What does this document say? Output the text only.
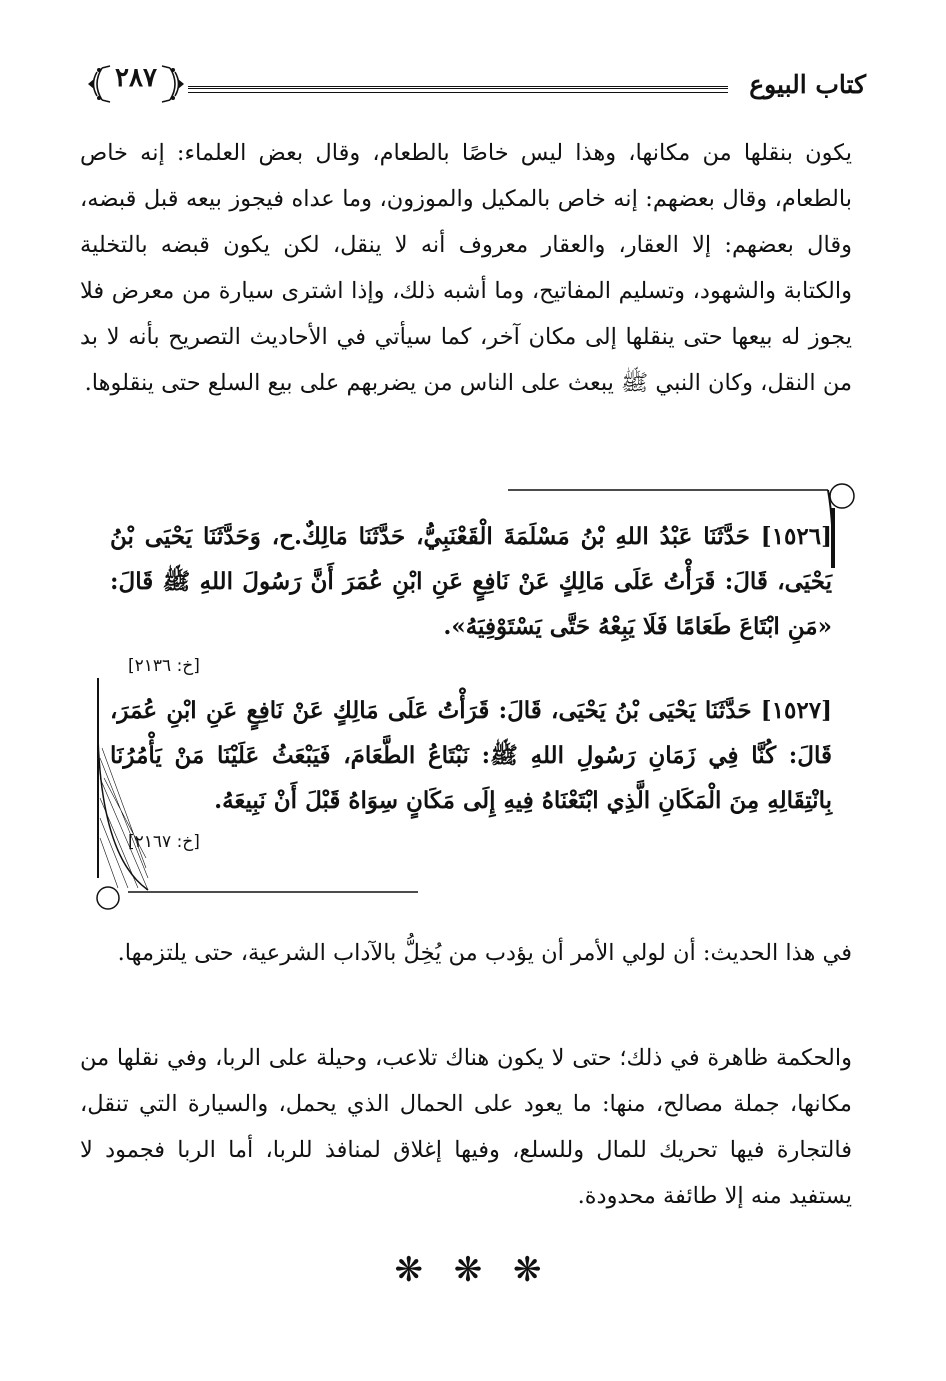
كتاب البيوع
٢٨٧
يكون بنقلها من مكانها، وهذا ليس خاصًا بالطعام، وقال بعض العلماء: إنه خاص بالطعام، وقال بعضهم: إنه خاص بالمكيل والموزون، وما عداه فيجوز بيعه قبل قبضه، وقال بعضهم: إلا العقار، والعقار معروف أنه لا ينقل، لكن يكون قبضه بالتخلية والكتابة والشهود، وتسليم المفاتيح، وما أشبه ذلك، وإذا اشترى سيارة من معرض فلا يجوز له بيعها حتى ينقلها إلى مكان آخر، كما سيأتي في الأحاديث التصريح بأنه لا بد من النقل، وكان النبي ﷺ يبعث على الناس من يضربهم على بيع السلع حتى ينقلوها.
[١٥٢٦] حَدَّثَنَا عَبْدُ اللهِ بْنُ مَسْلَمَةَ الْقَعْنَبِيُّ، حَدَّثَنَا مَالِكٌ.ح، وَحَدَّثَنَا يَحْيَى بْنُ يَحْيَى، قَالَ: قَرَأْتُ عَلَى مَالِكٍ عَنْ نَافِعٍ عَنِ ابْنِ عُمَرَ أَنَّ رَسُولَ اللهِ ﷺ قَالَ: «مَنِ ابْتَاعَ طَعَامًا فَلَا يَبِعْهُ حَتَّى يَسْتَوْفِيَهُ».
[خ: ٢١٣٦]
[١٥٢٧] حَدَّثَنَا يَحْيَى بْنُ يَحْيَى، قَالَ: قَرَأْتُ عَلَى مَالِكٍ عَنْ نَافِعٍ عَنِ ابْنِ عُمَرَ، قَالَ: كُنَّا فِي زَمَانِ رَسُولِ اللهِ ﷺ: نَبْتَاعُ الطَّعَامَ، فَيَبْعَثُ عَلَيْنَا مَنْ يَأْمُرُنَا بِانْتِقَالِهِ مِنَ الْمَكَانِ الَّذِي ابْتَعْنَاهُ فِيهِ إِلَى مَكَانٍ سِوَاهُ قَبْلَ أَنْ نَبِيعَهُ.
[خ: ٢١٦٧]
في هذا الحديث: أن لولي الأمر أن يؤدب من يُخِلُّ بالآداب الشرعية، حتى يلتزمها.
والحكمة ظاهرة في ذلك؛ حتى لا يكون هناك تلاعب، وحيلة على الربا، وفي نقلها من مكانها، جملة مصالح، منها: ما يعود على الحمال الذي يحمل، والسيارة التي تنقل، فالتجارة فيها تحريك للمال وللسلع، وفيها إغلاق لمنافذ للربا، أما الربا فجمود لا يستفيد منه إلا طائفة محدودة.
❋ ❋ ❋
